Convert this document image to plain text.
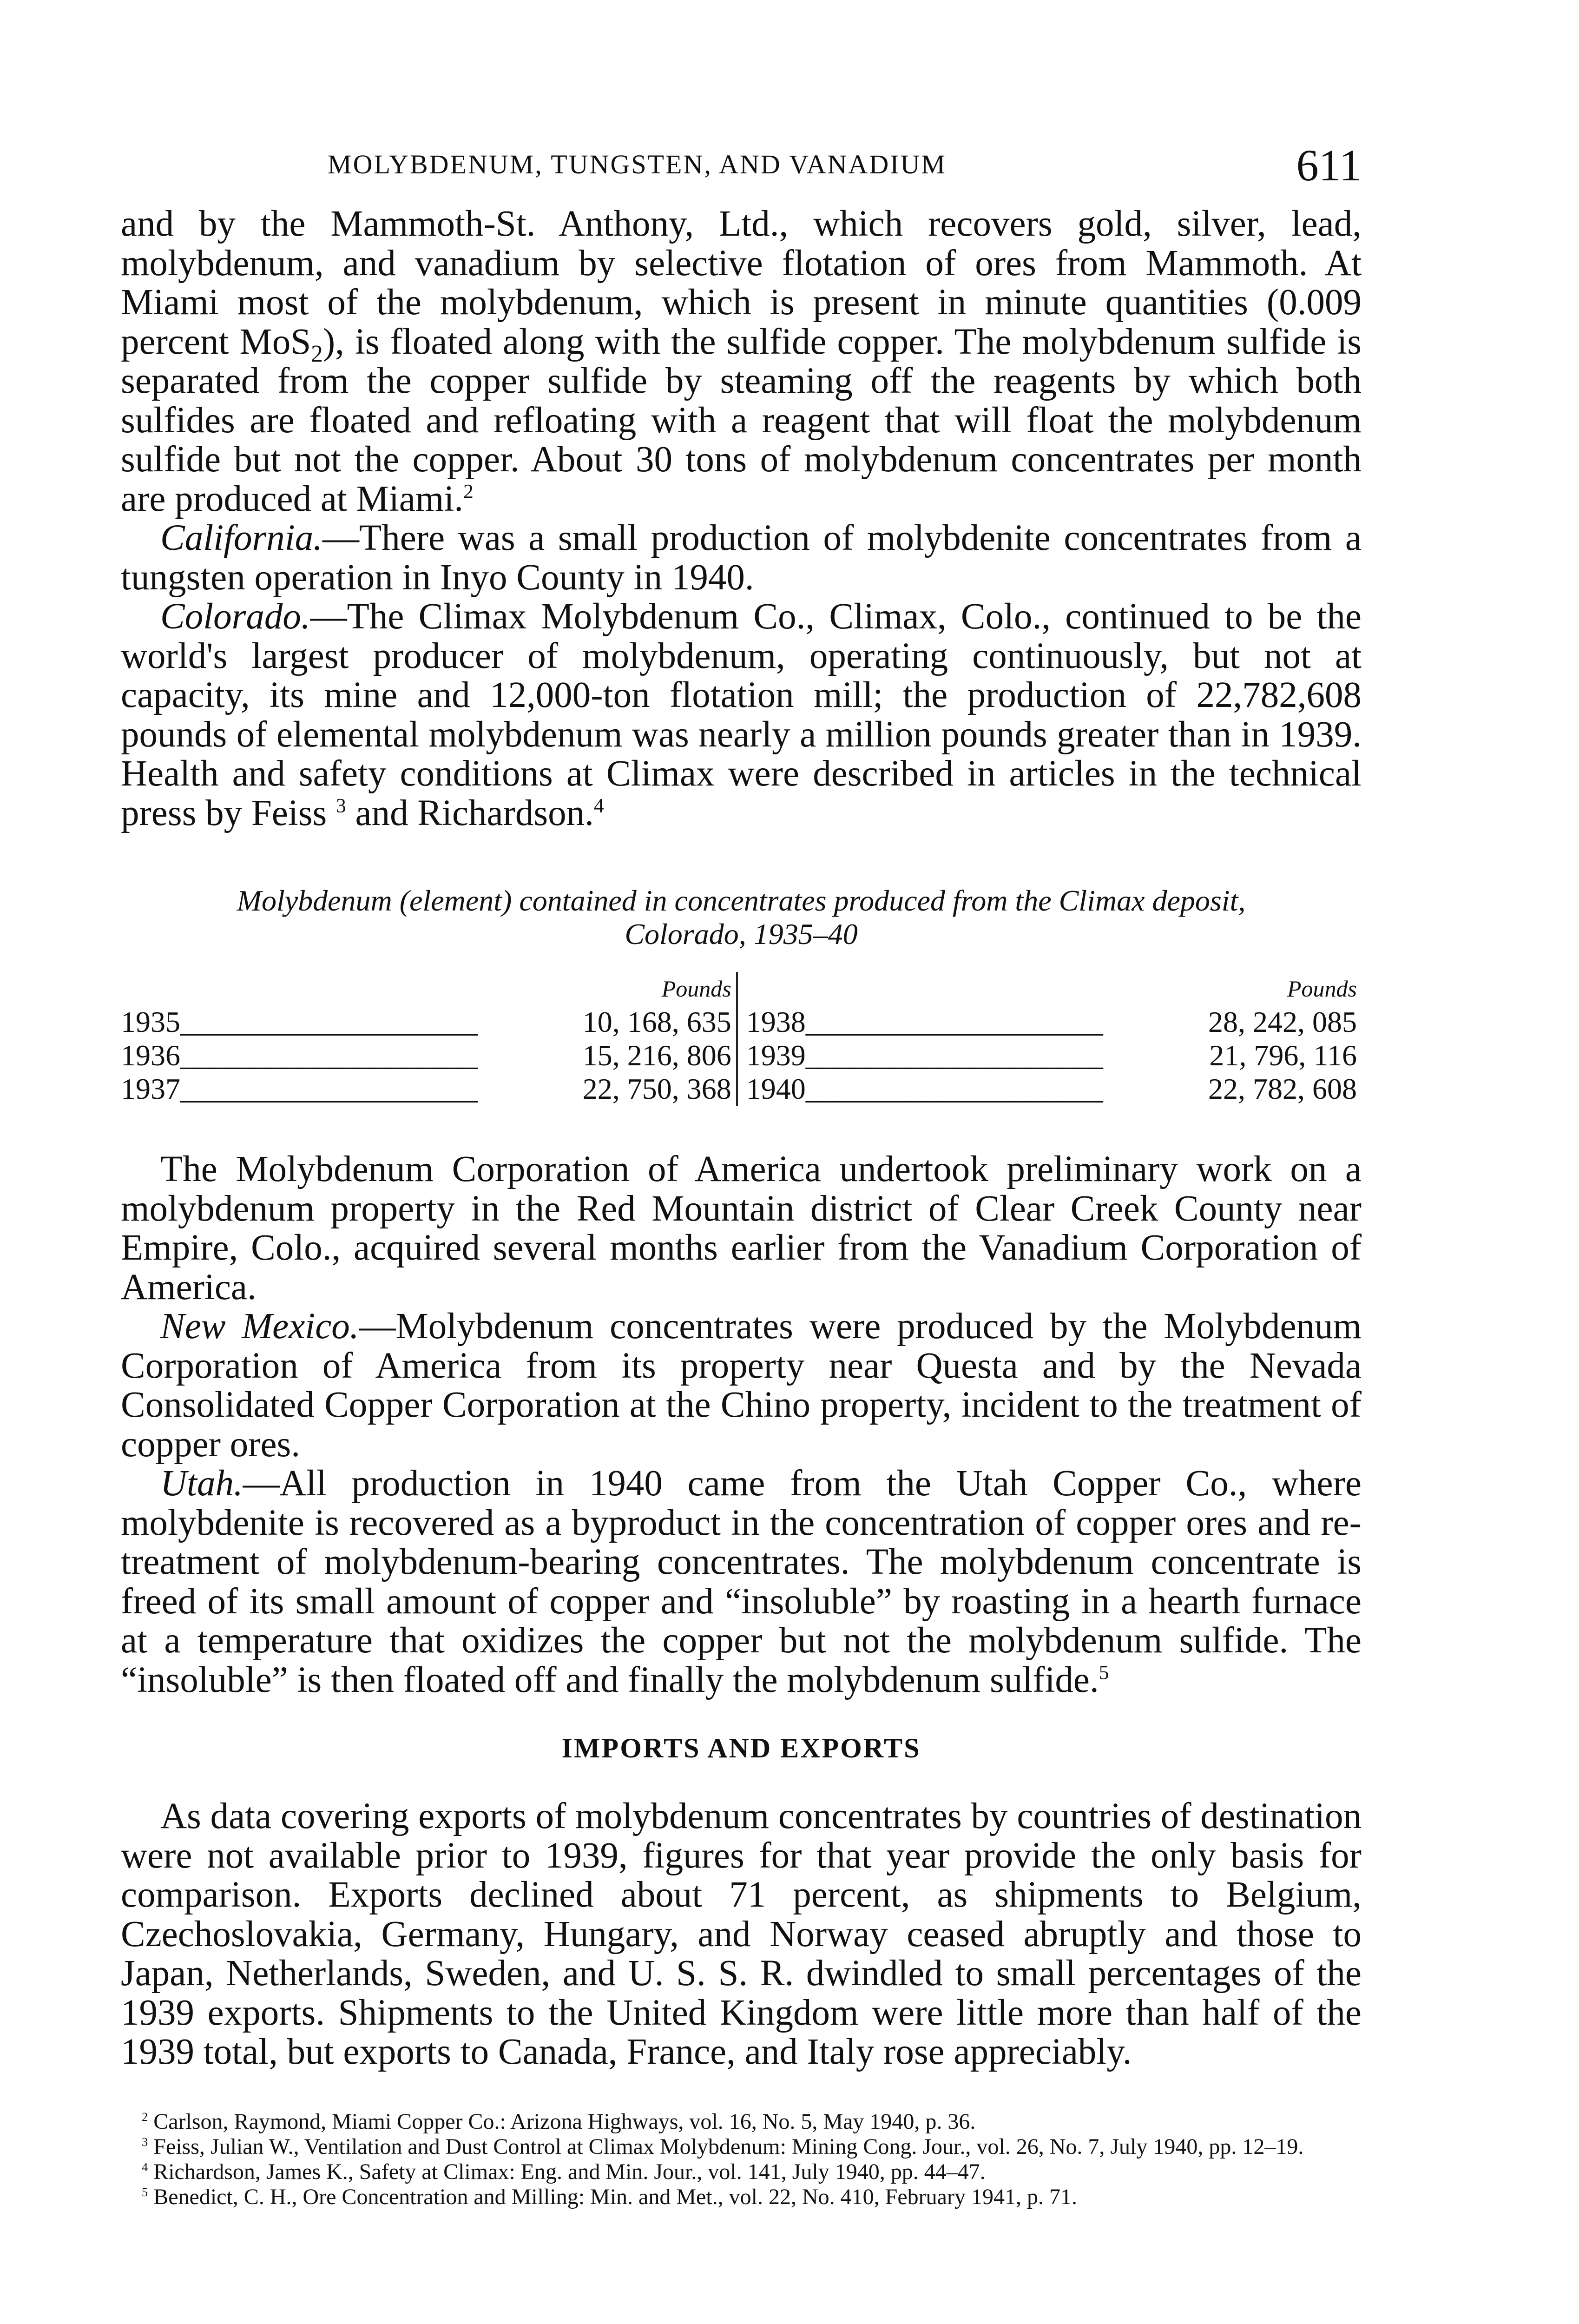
MOLYBDENUM, TUNGSTEN, AND VANADIUM	611

and by the Mammoth-St. Anthony, Ltd., which recovers gold, silver, lead, molybdenum, and vanadium by selective flotation of ores from Mammoth. At Miami most of the molybdenum, which is present in minute quantities (0.009 percent MoS$_2$), is floated along with the sulfide copper. The molybdenum sulfide is separated from the copper sulfide by steaming off the reagents by which both sulfides are floated and refloating with a reagent that will float the molybdenum sulfide but not the copper. About 30 tons of molybdenum concentrates per month are produced at Miami.$^2$

California.—There was a small production of molybdenite concentrates from a tungsten operation in Inyo County in 1940.

Colorado.—The Climax Molybdenum Co., Climax, Colo., continued to be the world's largest producer of molybdenum, operating continuously, but not at capacity, its mine and 12,000-ton flotation mill; the production of 22,782,608 pounds of elemental molybdenum was nearly a million pounds greater than in 1939. Health and safety conditions at Climax were described in articles in the technical press by Feiss $^3$ and Richardson.$^4$

Molybdenum (element) contained in concentrates produced from the Climax deposit,
Colorado, 1935–40
	Pounds		Pounds
1935____________________	10, 168, 635	1938____________________	28, 242, 085
1936____________________	15, 216, 806	1939____________________	21, 796, 116
1937____________________	22, 750, 368	1940____________________	22, 782, 608

The Molybdenum Corporation of America undertook preliminary work on a molybdenum property in the Red Mountain district of Clear Creek County near Empire, Colo., acquired several months earlier from the Vanadium Corporation of America.

New Mexico.—Molybdenum concentrates were produced by the Molybdenum Corporation of America from its property near Questa and by the Nevada Consolidated Copper Corporation at the Chino property, incident to the treatment of copper ores.

Utah.—All production in 1940 came from the Utah Copper Co., where molybdenite is recovered as a byproduct in the concentration of copper ores and re-treatment of molybdenum-bearing concentrates. The molybdenum concentrate is freed of its small amount of copper and “insoluble” by roasting in a hearth furnace at a temperature that oxidizes the copper but not the molybdenum sulfide. The “insoluble” is then floated off and finally the molybdenum sulfide.$^5$

IMPORTS AND EXPORTS

As data covering exports of molybdenum concentrates by countries of destination were not available prior to 1939, figures for that year provide the only basis for comparison. Exports declined about 71 percent, as shipments to Belgium, Czechoslovakia, Germany, Hungary, and Norway ceased abruptly and those to Japan, Netherlands, Sweden, and U. S. S. R. dwindled to small percentages of the 1939 exports. Shipments to the United Kingdom were little more than half of the 1939 total, but exports to Canada, France, and Italy rose appreciably.

$^2$ Carlson, Raymond, Miami Copper Co.: Arizona Highways, vol. 16, No. 5, May 1940, p. 36.

$^3$ Feiss, Julian W., Ventilation and Dust Control at Climax Molybdenum: Mining Cong. Jour., vol. 26, No. 7, July 1940, pp. 12–19.

$^4$ Richardson, James K., Safety at Climax: Eng. and Min. Jour., vol. 141, July 1940, pp. 44–47.

$^5$ Benedict, C. H., Ore Concentration and Milling: Min. and Met., vol. 22, No. 410, February 1941, p. 71.
